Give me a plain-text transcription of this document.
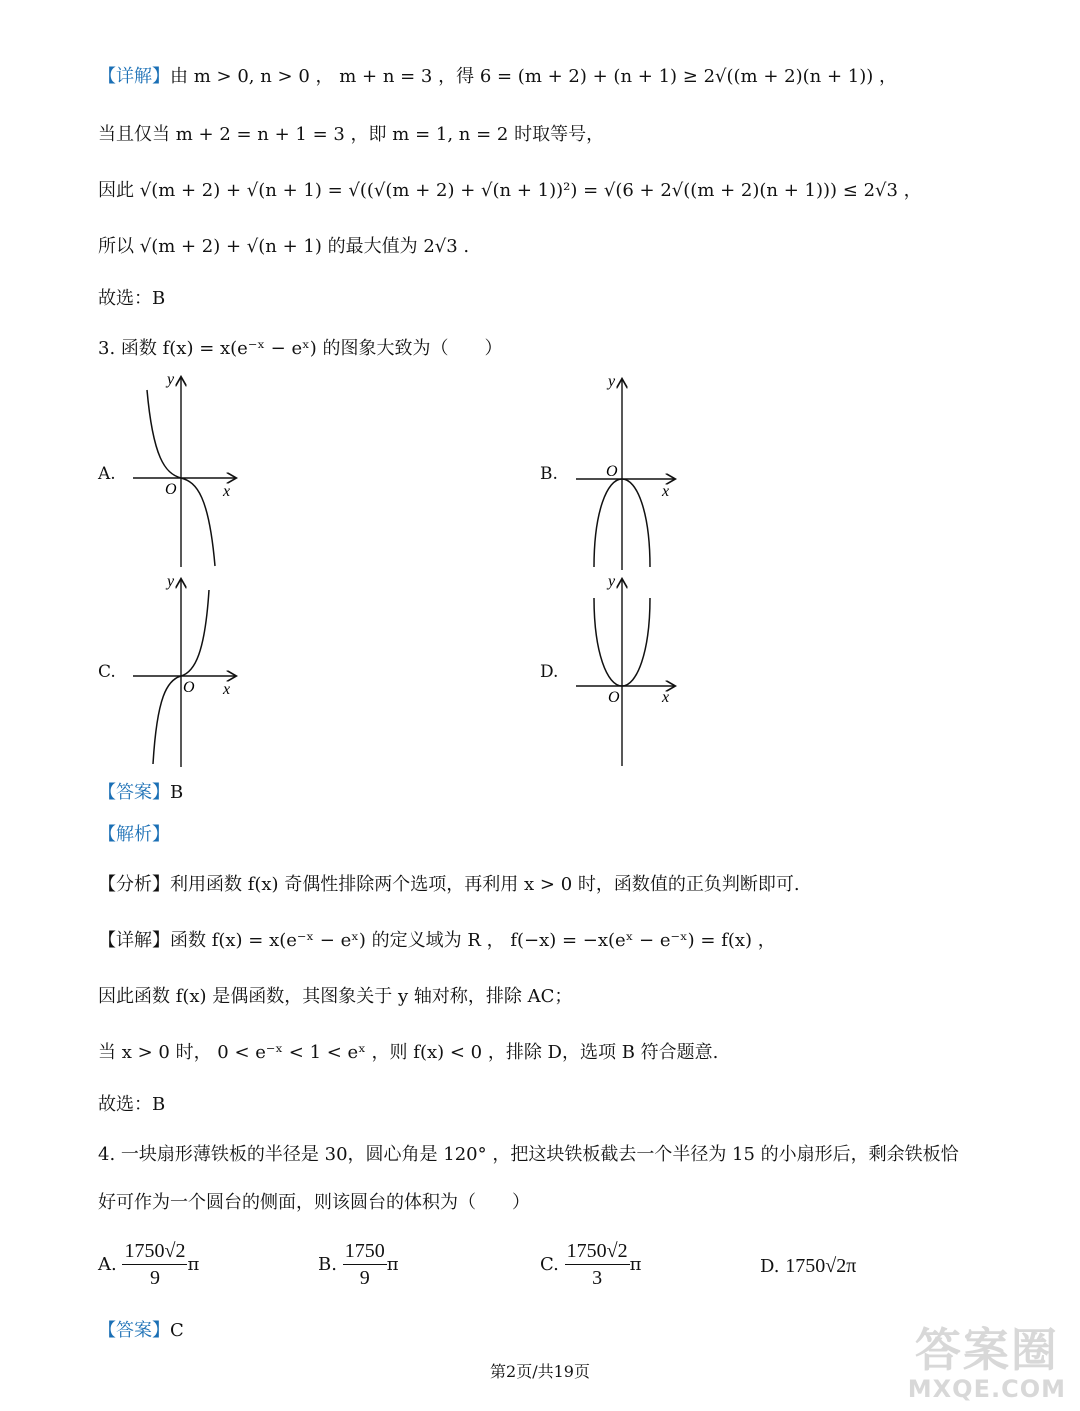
【详解】由 m > 0, n > 0 ， m + n = 3 ，得 6 = (m + 2) + (n + 1) ≥ 2√((m + 2)(n + 1)) ，
当且仅当 m + 2 = n + 1 = 3 ，即 m = 1, n = 2 时取等号，
因此 √(m + 2) + √(n + 1) = √((√(m + 2) + √(n + 1))²) = √(6 + 2√((m + 2)(n + 1))) ≤ 2√3 ，
所以 √(m + 2) + √(n + 1) 的最大值为 2√3 .
故选：B
3. 函数 f(x) = x(e⁻ˣ − eˣ) 的图象大致为（　　）
A.	B.
C.	D.
y
x
O
y
x
O
y
x
O
y
x
O
【答案】B
【解析】
【分析】利用函数 f(x) 奇偶性排除两个选项，再利用 x > 0 时，函数值的正负判断即可.
【详解】函数 f(x) = x(e⁻ˣ − eˣ) 的定义域为 R ， f(−x) = −x(eˣ − e⁻ˣ) = f(x) ，
因此函数 f(x) 是偶函数，其图象关于 y 轴对称，排除 AC；
当 x > 0 时， 0 < e⁻ˣ < 1 < eˣ ，则 f(x) < 0 ，排除 D，选项 B 符合题意.
故选：B
4. 一块扇形薄铁板的半径是 30，圆心角是 120° ，把这块铁板截去一个半径为 15 的小扇形后，剩余铁板恰
好可作为一个圆台的侧面，则该圆台的体积为（　　）
A. $\frac{1750√2}{9}$ π	B. $\frac{1750}{9}$ π	C. $\frac{1750√2}{3}$ π	D. 1750√2π
【答案】C
第2页/共19页	答案圈
MXQE.COM
